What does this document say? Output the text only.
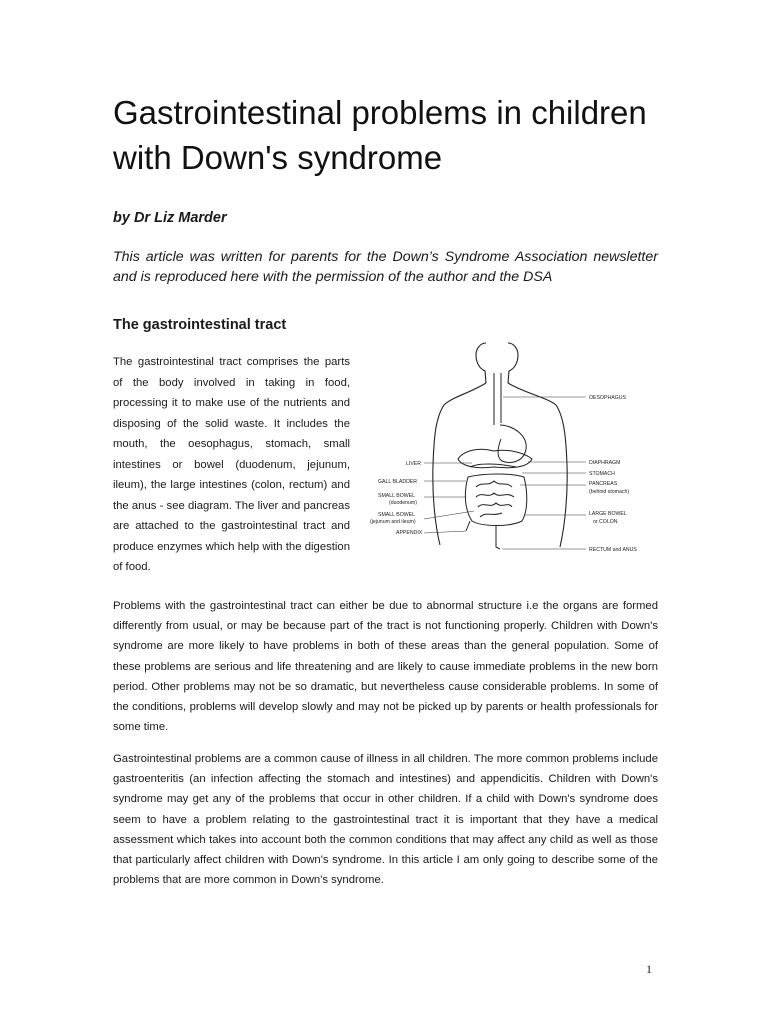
Gastrointestinal problems in children with Down's syndrome

by Dr Liz Marder

This article was written for parents for the Down’s Syndrome Association newsletter and is reproduced here with the permission of the author and the DSA

The gastrointestinal tract

The gastrointestinal tract comprises the parts of the body involved in taking in food, processing it to make use of the nutrients and disposing of the solid waste. It includes the mouth, the oesophagus, stomach, small intestines or bowel (duodenum, jejunum, ileum), the large intestines (colon, rectum) and the anus - see diagram. The liver and pancreas are attached to the gastrointestinal tract and produce enzymes which help with the digestion of food.

LIVER
GALL BLADDER
SMALL BOWEL
(duodenum)
SMALL BOWEL
(jejunum and ileum)
APPENDIX
OESOPHAGUS
DIAPHRAGM
STOMACH
PANCREAS
(behind stomach)
LARGE BOWEL
or COLON
RECTUM and ANUS

Problems with the gastrointestinal tract can either be due to abnormal structure i.e the organs are formed differently from usual, or may be because part of the tract is not functioning properly. Children with Down's syndrome are more likely to have problems in both of these areas than the general population. Some of these problems are serious and life threatening and are likely to cause immediate problems in the new born period. Other problems may not be so dramatic, but nevertheless cause considerable problems. In some of the conditions, problems will develop slowly and may not be picked up by parents or health professionals for some time.

Gastrointestinal problems are a common cause of illness in all children. The more common problems include gastroenteritis (an infection affecting the stomach and intestines) and appendicitis. Children with Down's syndrome may get any of the problems that occur in other children. If a child with Down's syndrome does seem to have a problem relating to the gastrointestinal tract it is important that they have a medical assessment which takes into account both the common conditions that may affect any child as well as those that particularly affect children with Down's syndrome. In this article I am only going to describe some of the problems that are more common in Down's syndrome.

1
